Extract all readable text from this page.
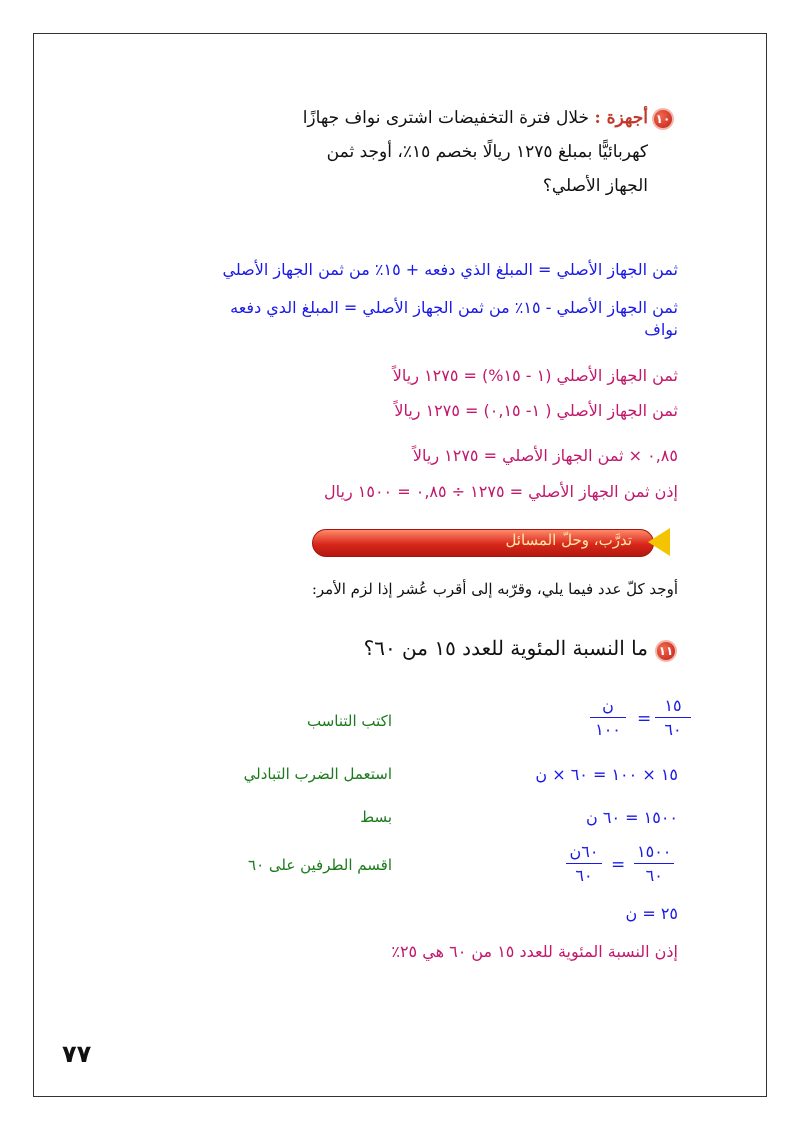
١٠
أجهزة : خلال فترة التخفيضات اشترى نواف جهازًا
كهربائيًّا بمبلغ ١٢٧٥ ريالًا بخصم ١٥٪، أوجد ثمن
الجهاز الأصلي؟
ثمن الجهاز الأصلي = المبلغ الذي دفعه + ١٥٪ من ثمن الجهاز الأصلي
ثمن الجهاز الأصلي - ١٥٪ من ثمن الجهاز الأصلي = المبلغ الدي دفعه
نواف
ثمن الجهاز الأصلي (١ - ١٥%) = ١٢٧٥ ريالاً
ثمن الجهاز الأصلي ( ١- ٠,١٥) = ١٢٧٥ ريالاً
٠,٨٥ × ثمن الجهاز الأصلي = ١٢٧٥ ريالاً
إذن ثمن الجهاز الأصلي = ١٢٧٥ ÷ ٠,٨٥ = ١٥٠٠ ريال
تدرَّب، وحلّ المسائل
أوجد كلّ عدد فيما يلي، وقرّبه إلى أقرب عُشر إذا لزم الأمر:
١١
ما النسبة المئوية للعدد ١٥ من ٦٠؟
١٥
٦٠
=
ن
١٠٠
اكتب التناسب
١٥ × ١٠٠ = ٦٠ × ن
استعمل الضرب التبادلي
١٥٠٠ = ٦٠ ن
بسط
١٥٠٠
٦٠
=
٦٠ن
٦٠
اقسم الطرفين على ٦٠
٢٥ = ن
إذن النسبة المئوية للعدد ١٥ من ٦٠ هي ٢٥٪
٧٧
